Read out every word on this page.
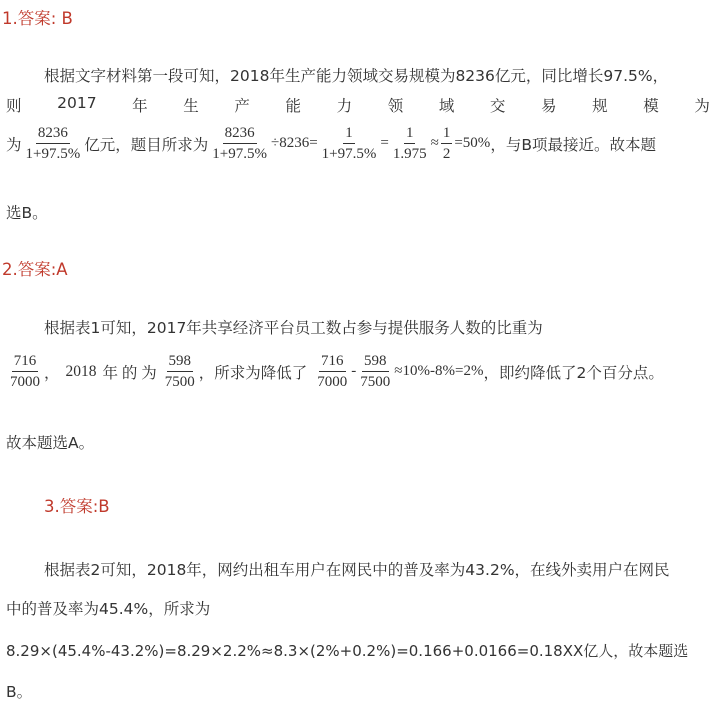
1.答案: B
根据文字材料第一段可知，2018年生产能力领域交易规模为8236亿元，同比增长97.5%，
则 2017 年 生 产 能 力 领 域 交 易 规 模 为
为 $\frac{8236}{1+97.5\%}$ 亿元，题目所求为 $\frac{8236}{1+97.5\%} \div 8236= \frac{1}{1+97.5\%} = \frac{1}{1.975} \approx \frac{1}{2} =50\%$ ，与B项最接近。故本题
选B。
2.答案:A
根据表1可知，2017年共享经济平台员工数占参与提供服务人数的比重为
$\frac{716}{7000}$ ， 2018 年 的 为 $\frac{598}{7500}$ ，所求为降低了 $\frac{716}{7000} - \frac{598}{7500} \approx 10\%-8\%=2\%$ ，即约降低了2个百分点。
故本题选A。
3.答案:B
根据表2可知，2018年，网约出租车用户在网民中的普及率为43.2%，在线外卖用户在网民
中的普及率为45.4%，所求为
8.29×(45.4%-43.2%)=8.29×2.2%≈8.3×(2%+0.2%)=0.166+0.0166=0.18XX亿人，故本题选
B。
